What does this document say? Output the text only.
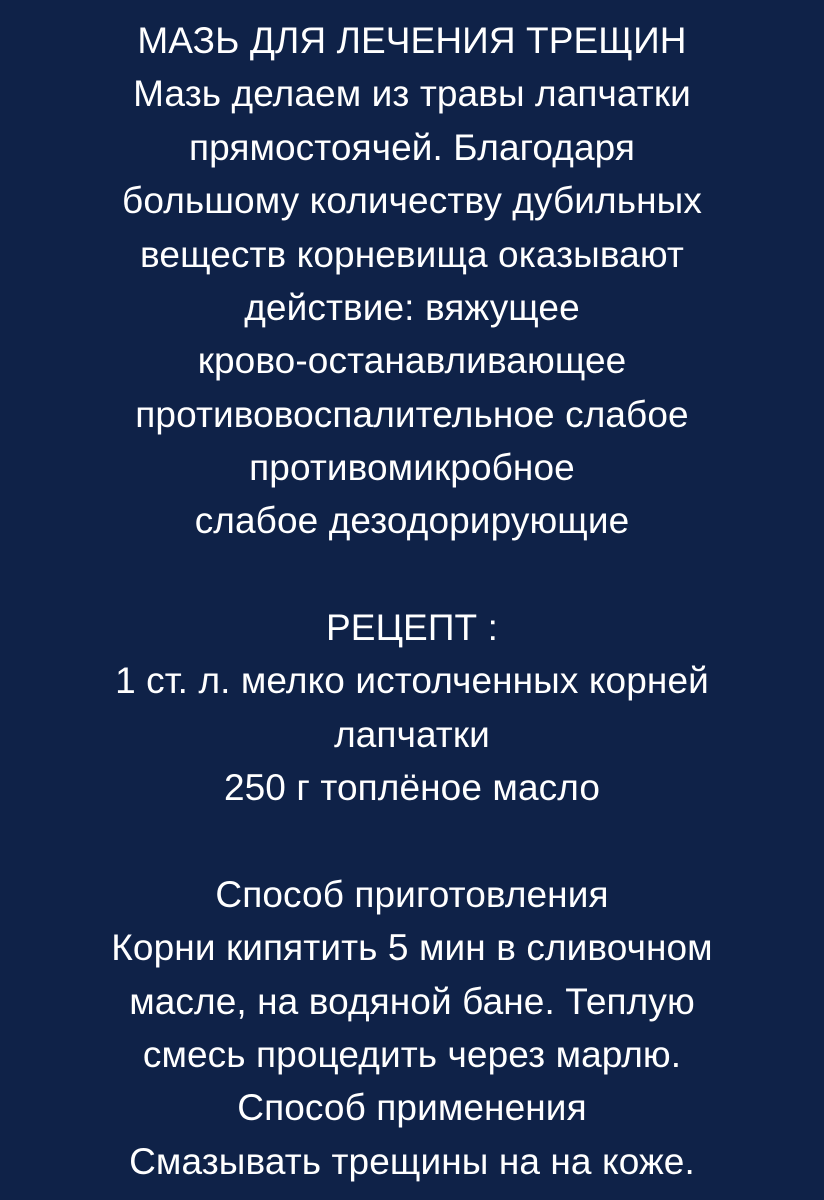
МАЗЬ ДЛЯ ЛЕЧЕНИЯ ТРЕЩИН
Мазь делаем из травы лапчатки
прямостоячей. Благодаря
большому количеству дубильных
веществ корневища оказывают
действие: вяжущее
крово-останавливающее
противовоспалительное слабое
противомикробное
слабое дезодорирующие
РЕЦЕПТ :
1 ст. л. мелко истолченных корней
лапчатки
250 г топлёное масло
Способ приготовления
Корни кипятить 5 мин в сливочном
масле, на водяной бане. Теплую
смесь процедить через марлю.
Способ применения
Смазывать трещины на на коже.
